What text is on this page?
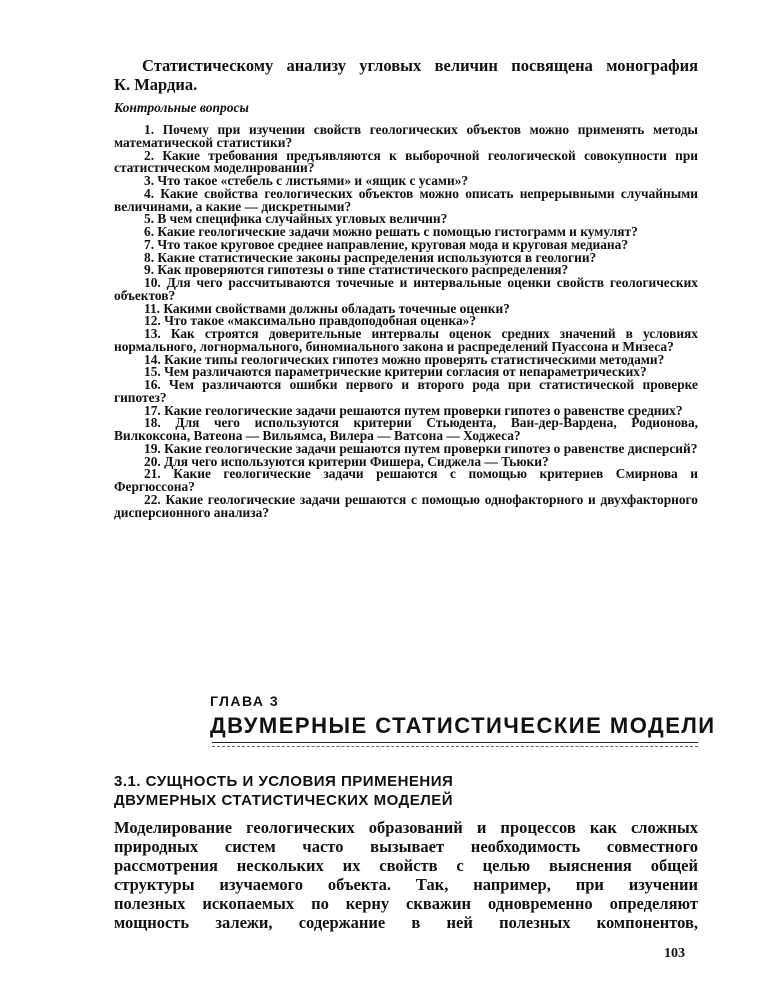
Статистическому анализу угловых величин посвящена монография

К. Мардиа.

Контрольные вопросы

1. Почему при изучении свойств геологических объектов можно применять методы математической статистики?

2. Какие требования предъявляются к выборочной геологической совокупности при статистическом моделировании?

3. Что такое «стебель с листьями» и «ящик с усами»?

4. Какие свойства геологических объектов можно описать непрерывными случайными величинами, а какие — дискретными?

5. В чем специфика случайных угловых величин?

6. Какие геологические задачи можно решать с помощью гистограмм и кумулят?

7. Что такое круговое среднее направление, круговая мода и круговая медиана?

8. Какие статистические законы распределения используются в геологии?

9. Как проверяются гипотезы о типе статистического распределения?

10. Для чего рассчитываются точечные и интервальные оценки свойств геологических объектов?

11. Какими свойствами должны обладать точечные оценки?

12. Что такое «максимально правдоподобная оценка»?

13. Как строятся доверительные интервалы оценок средних значений в условиях нормального, логнормального, биномиального закона и распределений Пуассона и Мизеса?

14. Какие типы геологических гипотез можно проверять статистическими методами?

15. Чем различаются параметрические критерии согласия от непараметрических?

16. Чем различаются ошибки первого и второго рода при статистической проверке гипотез?

17. Какие геологические задачи решаются путем проверки гипотез о равенстве средних?

18. Для чего используются критерии Стьюдента, Ван-дер-Вардена, Родионова, Вилкоксона, Ватеона — Вильямса, Вилера — Ватсона — Ходжеса?

19. Какие геологические задачи решаются путем проверки гипотез о равенстве дисперсий?

20. Для чего используются критерии Фишера, Сиджела — Тьюки?

21. Какие геологические задачи решаются с помощью критериев Смирнова и Фергюссона?

22. Какие геологические задачи решаются с помощью однофакторного и двухфакторного дисперсионного анализа?

ГЛАВА 3
ДВУМЕРНЫЕ СТАТИСТИЧЕСКИЕ МОДЕЛИ
3.1. СУЩНОСТЬ И УСЛОВИЯ ПРИМЕНЕНИЯ
ДВУМЕРНЫХ СТАТИСТИЧЕСКИХ МОДЕЛЕЙ

Моделирование геологических образований и процессов как сложных

природных систем часто вызывает необходимость совместного

рассмотрения нескольких их свойств с целью выяснения общей

структуры изучаемого объекта. Так, например, при изучении

полезных ископаемых по керну скважин одновременно определяют

мощность залежи, содержание в ней полезных компонентов,

103
